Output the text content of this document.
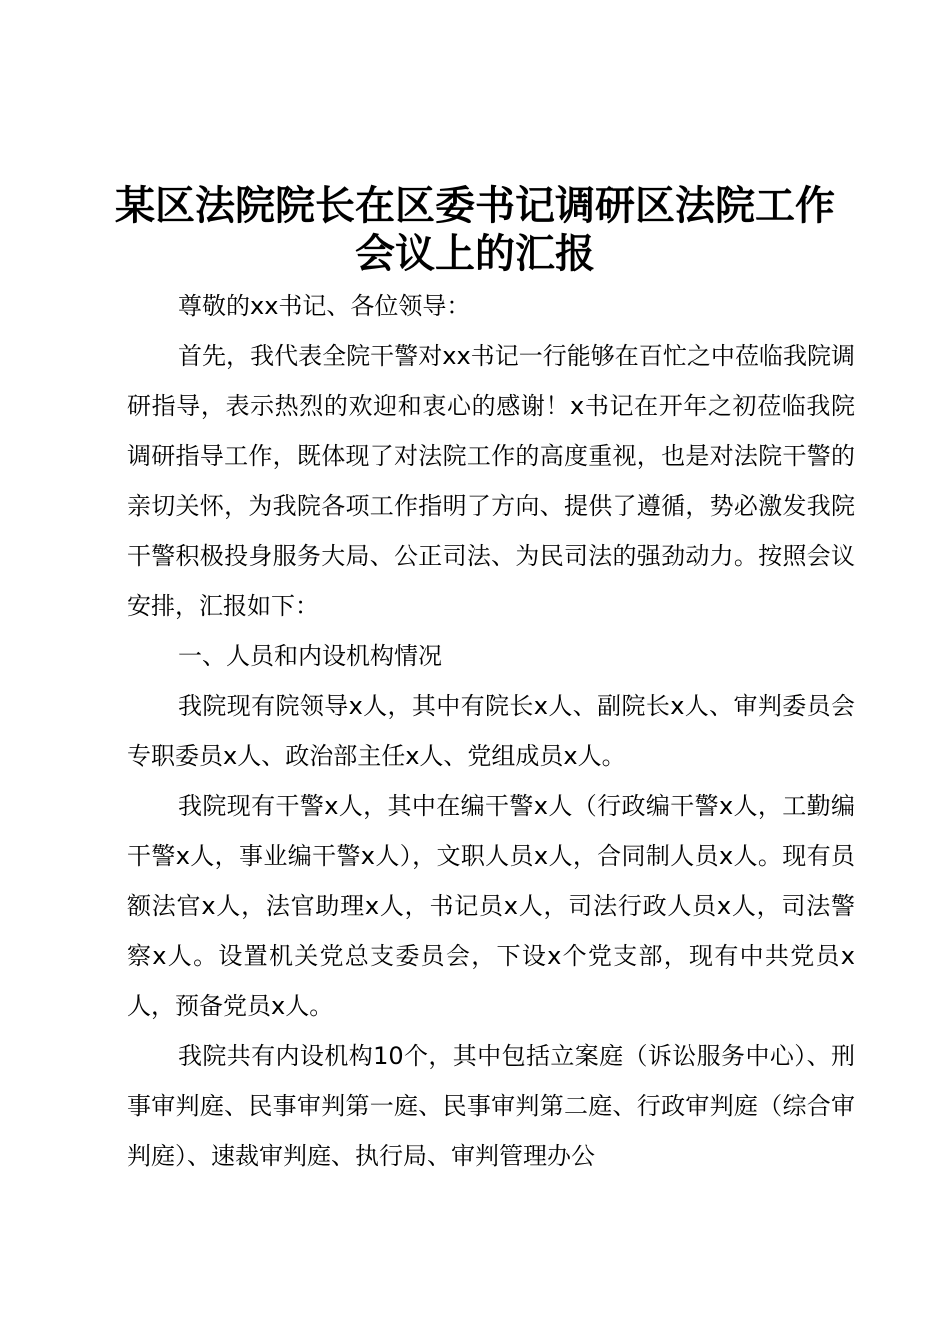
某区法院院长在区委书记调研区法院工作会议上的汇报

尊敬的xx书记、各位领导：

首先，我代表全院干警对xx书记一行能够在百忙之中莅临我院调研指导，表示热烈的欢迎和衷心的感谢！x书记在开年之初莅临我院调研指导工作，既体现了对法院工作的高度重视，也是对法院干警的亲切关怀，为我院各项工作指明了方向、提供了遵循，势必激发我院干警积极投身服务大局、公正司法、为民司法的强劲动力。按照会议安排，汇报如下：

一、人员和内设机构情况

我院现有院领导x人，其中有院长x人、副院长x人、审判委员会专职委员x人、政治部主任x人、党组成员x人。

我院现有干警x人，其中在编干警x人（行政编干警x人，工勤编干警x人，事业编干警x人），文职人员x人，合同制人员x人。现有员额法官x人，法官助理x人，书记员x人，司法行政人员x人，司法警察x人。设置机关党总支委员会，下设x个党支部，现有中共党员x人，预备党员x人。

我院共有内设机构10个，其中包括立案庭（诉讼服务中心）、刑事审判庭、民事审判第一庭、民事审判第二庭、行政审判庭（综合审判庭）、速裁审判庭、执行局、审判管理办公
